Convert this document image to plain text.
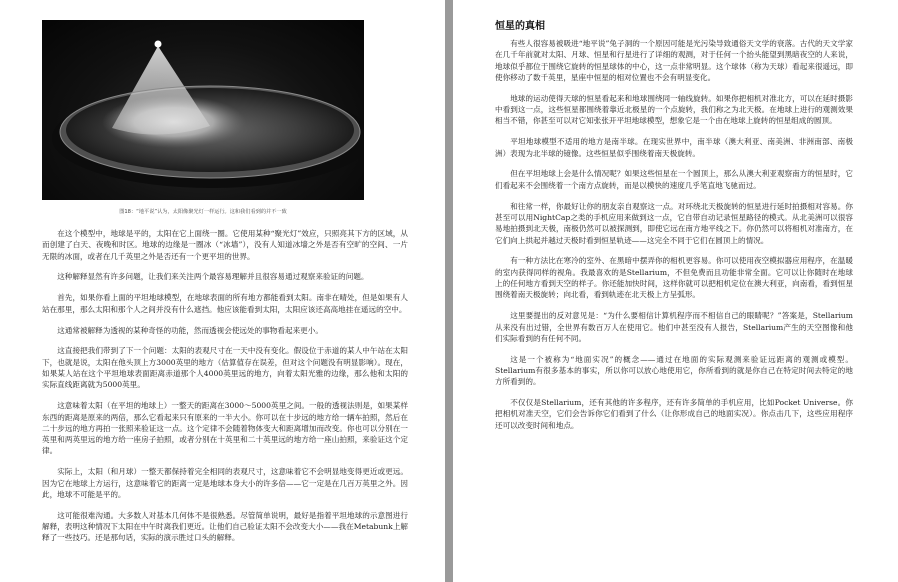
图18：“地平说”认为，太阳像聚光灯一样运行。这和我们看到的并不一致

在这个模型中，地球是平的，太阳在它上面绕一圈。它使用某种“聚光灯”效应，只照亮其下方的区域，从而创建了白天、夜晚和时区。地球的边缘是一圈冰（“冰墙”），没有人知道冰墙之外是否有空旷的空间、一片无限的冰面，或者在几千英里之外是否还有一个更平坦的世界。

这种解释显然有许多问题，让我们来关注两个最容易理解并且很容易通过观察来验证的问题。

首先，如果你看上面的平坦地球模型，在地球表面的所有地方都能看到太阳。南非在晴处，但是如果有人站在那里，那么太阳和那个人之间并没有什么遮挡。他应该能看到太阳，太阳应该还高高地挂在遥远的空中。

这通常被解释为透视的某种奇怪的功能，然而透视会使远处的事物看起来更小。

这直接把我们带到了下一个问题：太阳的表观尺寸在一天中没有变化。假设位于赤道的某人中午站在太阳下，也就是说，太阳在他头顶上方3000英里的地方（估算值存在误差，但对这个问题没有明显影响）。现在，如果某人站在这个平坦地球表面距离赤道那个人4000英里远的地方，向着太阳光雅的边缘，那么他和太阳的实际直线距离就为5000英里。

这意味着太阳（在平坦的地球上）一整天的距离在3000～5000英里之间。一般的透视法则是，如果某样东西的距离是原来的两倍，那么它看起来只有原来的一半大小。你可以在十步远的地方给一辆车拍照，然后在二十步远的地方再拍一张照来验证这一点。这个定律不会随着物体变大和距离增加而改变。你也可以分别在一英里和两英里远的地方给一座房子拍照，或者分别在十英里和二十英里远的地方给一座山拍照，来验证这个定律。

实际上，太阳（和月球）一整天都保持着完全相同的表观尺寸，这意味着它不会明显地变得更近或更远。因为它在地球上方运行，这意味着它的距离一定是地球本身大小的许多倍——它一定是在几百万英里之外。因此，地球不可能是平的。

这可能很难沟通。大多数人对基本几何体不是很熟悉。尽管简单说明，最好是指着平坦地球的示意图进行解释，表明这种情况下太阳在中午时离我们更近。让他们自己验证太阳不会改变大小——我在Metabunk上解释了一些技巧。还是那句话，实际的演示胜过口头的解释。

恒星的真相

有些人很容易被吸进“地平说”兔子洞的一个原因可能是光污染导致通俗天文学的衰落。古代的天文学家在几千年前就对太阳、月球、恒星和行星进行了详细的观测，对于任何一个抬头能望到黑暗夜空的人来说，地球似乎都位于围绕它旋转的恒星球体的中心，这一点非常明显。这个球体（称为天球）看起来很遥远，即使你移动了数千英里，星座中恒星的相对位置也不会有明显变化。

地球的运动使得天球的恒星看起来和地球围绕同一轴线旋转。如果你把相机对准北方，可以在延时摄影中看到这一点，这些恒星都围绕着靠近北极星的一个点旋转，我们称之为北天极。在地球上进行的观测效果相当不错，你甚至可以对它知张张开平坦地球模型，想象它是一个由在地球上旋转的恒星组成的圆顶。

平坦地球模型不适用的地方是南半球。在现实世界中，南半球（澳大利亚、南美洲、非洲南部、南极洲）表现为北半球的镜像。这些恒星似乎围绕着南天极旋转。

但在平坦地球上会是什么情况呢？如果这些恒星在一个圆顶上，那么从澳大利亚观察南方的恒星时，它们看起来不会围绕着一个南方点旋转，而是以模快的速度几乎笔直地飞驰而过。

和往常一样，你最好让你的朋友亲自观察这一点。对环绕北天极旋转的恒星进行延时拍摄相对容易。你甚至可以用NightCap之类的手机应用来做到这一点，它自带自动记录恒星路径的模式。从北美洲可以很容易地拍摄到北天极，南极仍然可以被探测到，即使它远在南方地平线之下。你仍然可以将相机对准南方，在它们向上拱起并越过天极时看到恒星轨迹——这完全不同于它们在圆顶上的情况。

有一种方法比在寒冷的室外、在黑暗中摆弄你的相机更容易。你可以使用夜空模拟器应用程序，在温暖的室内获得同样的视角。我最喜欢的是Stellarium，不但免费而且功能非常全面。它可以让你随时在地球上的任何地方看到天空的样子。你还能加快时间，这样你就可以把相机定位在澳大利亚，向南看，看到恒星围绕着南天极旋转；向北看，看到轨迹在北天极上方呈弧形。

这里要提出的反对意见是：“为什么要相信计算机程序而不相信自己的眼睛呢？”答案是，Stellarium从来没有出过错，全世界有数百万人在使用它。他们中甚至没有人报告，Stellarium产生的天空图像和他们实际看到的有任何不同。

这是一个被称为“地面实况”的概念——通过在地面的实际观测来验证远距离的观测或模型。Stellarium有很多基本的事实，所以你可以放心地使用它，你所看到的就是你自己在特定时间去特定的地方所看到的。

不仅仅是Stellarium，还有其他的许多程序，还有许多简单的手机应用，比如Pocket Universe。你把相机对准天空，它们会告诉你它们看到了什么（让你形成自己的地面实况）。你点击几下，这些应用程序还可以改变时间和地点。
